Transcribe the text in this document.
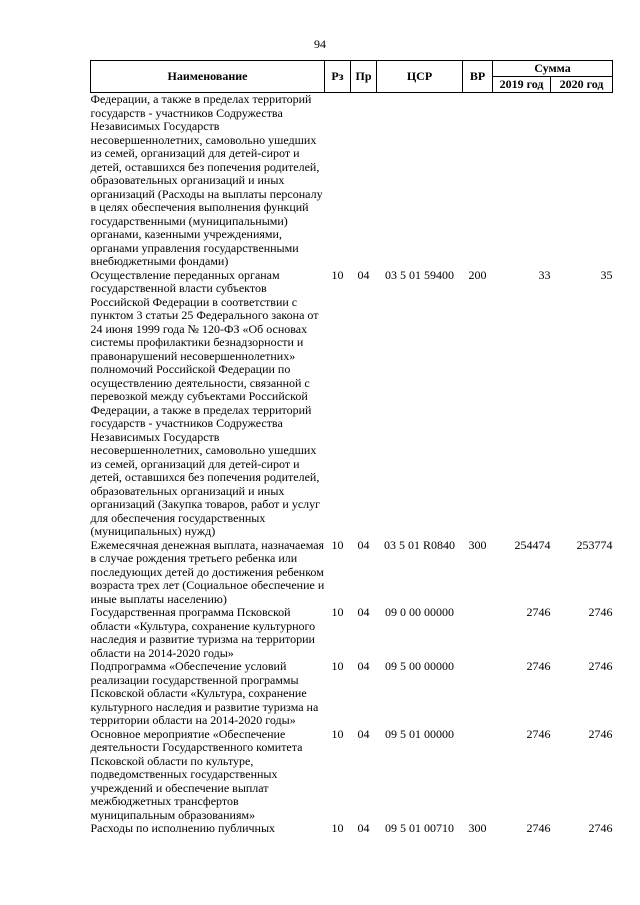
94
Наименование	Рз	Пр	ЦСР	ВР	Сумма	
					2019 год	2020 год
Федерации, а также в пределах территорий государств - участников Содружества Независимых Государств несовершеннолетних, самовольно ушедших из семей, организаций для детей-сирот и детей, оставшихся без попечения родителей, образовательных организаций и иных организаций (Расходы на выплаты персоналу в целях обеспечения выполнения функций государственными (муниципальными) органами, казенными учреждениями, органами управления государственными внебюджетными фондами)						
Осуществление переданных органам государственной власти субъектов Российской Федерации в соответствии с пунктом 3 статьи 25 Федерального закона от 24 июня 1999 года № 120-ФЗ «Об основах системы профилактики безнадзорности и правонарушений несовершеннолетних» полномочий Российской Федерации по осуществлению деятельности, связанной с перевозкой между субъектами Российской Федерации, а также в пределах территорий государств - участников Содружества Независимых Государств несовершеннолетних, самовольно ушедших из семей, организаций для детей-сирот и детей, оставшихся без попечения родителей, образовательных организаций и иных организаций (Закупка товаров, работ и услуг для обеспечения государственных (муниципальных) нужд)	10	04	03 5 01 59400	200	33	35
Ежемесячная денежная выплата, назначаемая в случае рождения третьего ребенка или последующих детей до достижения ребенком возраста трех лет (Социальное обеспечение и иные выплаты населению)	10	04	03 5 01 R0840	300	254474	253774
Государственная программа Псковской области «Культура, сохранение культурного наследия и развитие туризма на территории области на 2014-2020 годы»	10	04	09 0 00 00000		2746	2746
Подпрограмма «Обеспечение условий реализации государственной программы Псковской области «Культура, сохранение культурного наследия и развитие туризма на территории области на 2014-2020 годы»	10	04	09 5 00 00000		2746	2746
Основное мероприятие «Обеспечение деятельности Государственного комитета Псковской области по культуре, подведомственных государственных учреждений и обеспечение выплат межбюджетных трансфертов муниципальным образованиям»	10	04	09 5 01 00000		2746	2746
Расходы по исполнению публичных	10	04	09 5 01 00710	300	2746	2746
